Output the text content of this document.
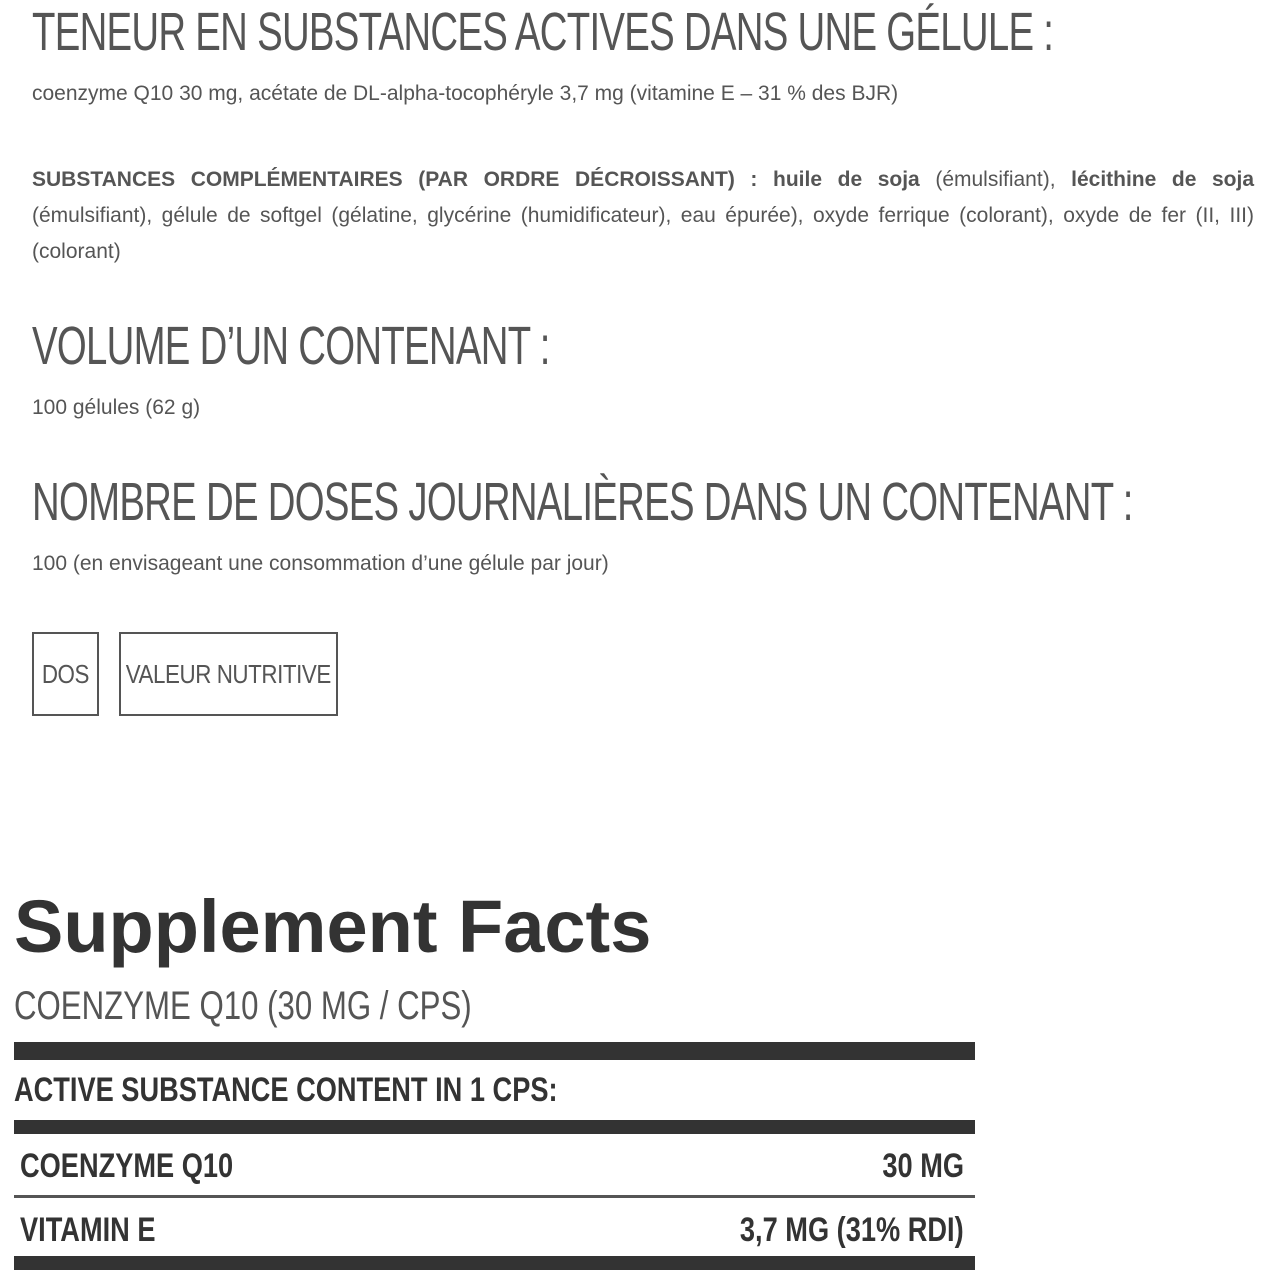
TENEUR EN SUBSTANCES ACTIVES DANS UNE GÉLULE :

coenzyme Q10 30 mg, acétate de DL-alpha-tocophéryle 3,7 mg (vitamine E – 31 % des BJR)

SUBSTANCES COMPLÉMENTAIRES (PAR ORDRE DÉCROISSANT) : huile de soja (émulsifiant), lécithine de soja (émulsifiant), gélule de softgel (gélatine, glycérine (humidificateur), eau épurée), oxyde ferrique (colorant), oxyde de fer (II, III) (colorant)

VOLUME D’UN CONTENANT :

100 gélules (62 g)

NOMBRE DE DOSES JOURNALIÈRES DANS UN CONTENANT :

100 (en envisageant une consommation d’une gélule par jour)

DOS VALEUR NUTRITIVE
Supplement Facts

COENZYME Q10 (30 MG / CPS)

ACTIVE SUBSTANCE CONTENT IN 1 CPS:

COENZYME Q10	30 MG

VITAMIN E	3,7 MG (31% RDI)
